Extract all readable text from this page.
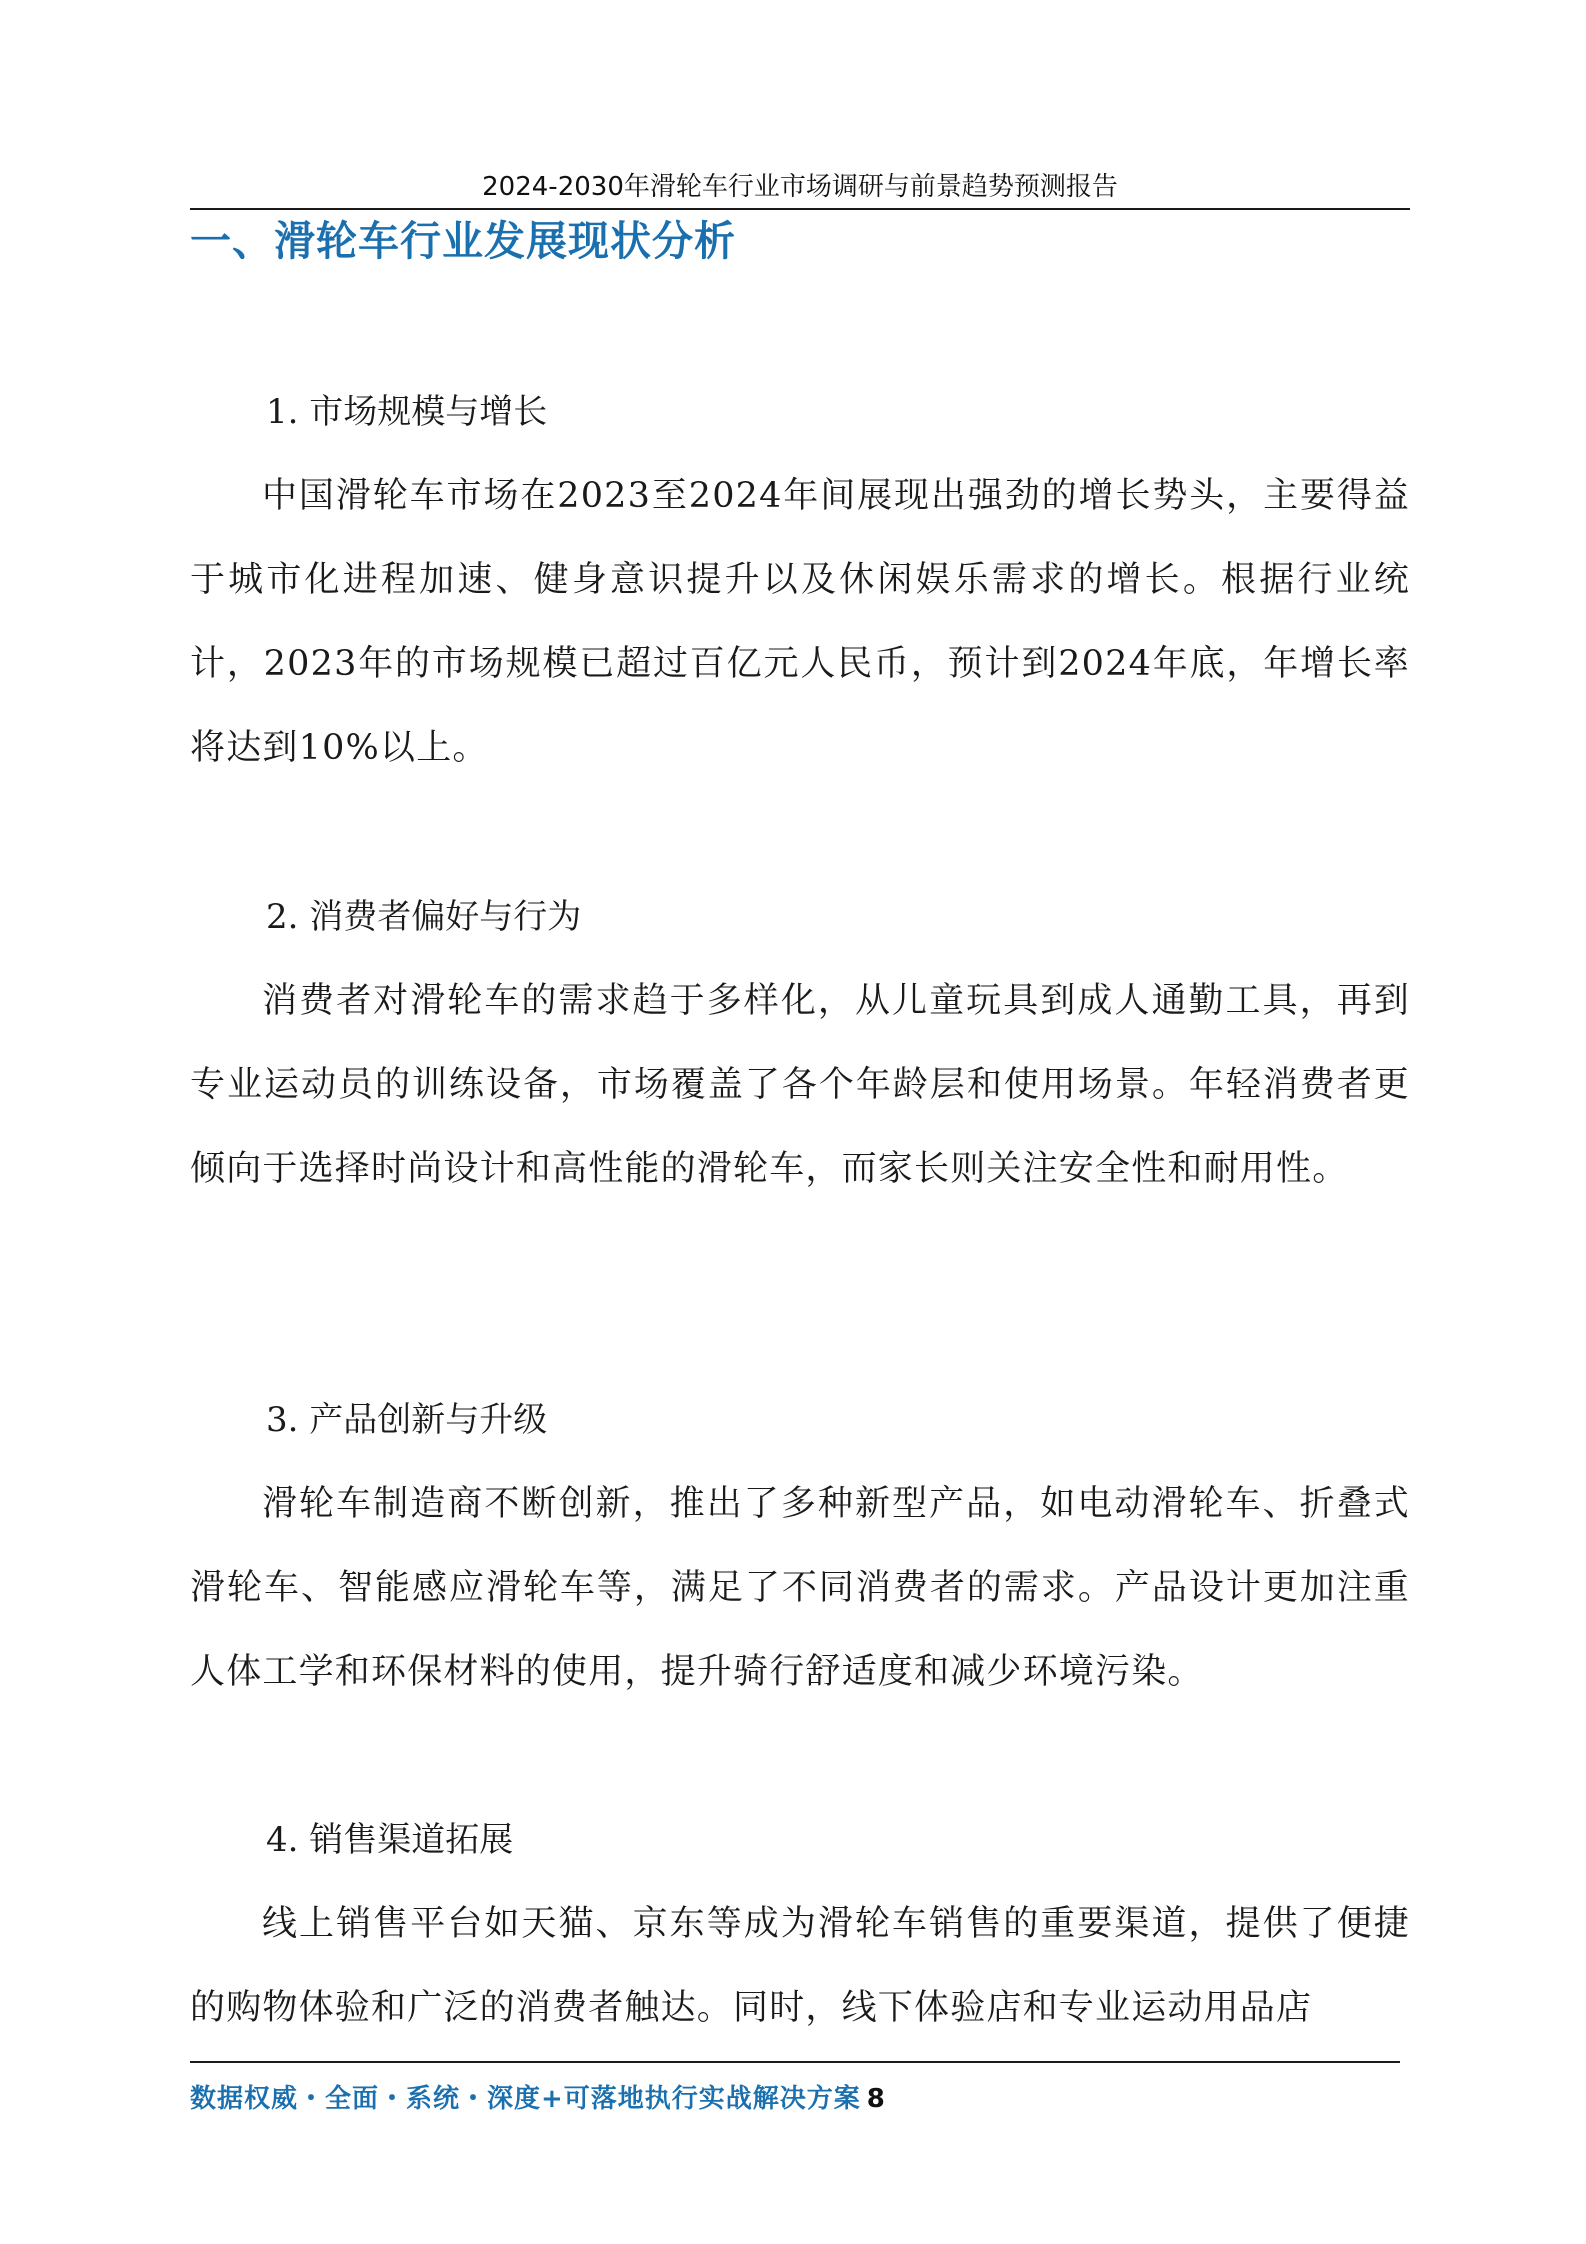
2024-2030年滑轮车行业市场调研与前景趋势预测报告
一、滑轮车行业发展现状分析
1. 市场规模与增长
中国滑轮车市场在2023至2024年间展现出强劲的增长势头，主要得益于城市化进程加速、健身意识提升以及休闲娱乐需求的增长。根据行业统计，2023年的市场规模已超过百亿元人民币，预计到2024年底，年增长率将达到10%以上。
2. 消费者偏好与行为
消费者对滑轮车的需求趋于多样化，从儿童玩具到成人通勤工具，再到专业运动员的训练设备，市场覆盖了各个年龄层和使用场景。年轻消费者更倾向于选择时尚设计和高性能的滑轮车，而家长则关注安全性和耐用性。
3. 产品创新与升级
滑轮车制造商不断创新，推出了多种新型产品，如电动滑轮车、折叠式滑轮车、智能感应滑轮车等，满足了不同消费者的需求。产品设计更加注重人体工学和环保材料的使用，提升骑行舒适度和减少环境污染。
4. 销售渠道拓展
线上销售平台如天猫、京东等成为滑轮车销售的重要渠道，提供了便捷的购物体验和广泛的消费者触达。同时，线下体验店和专业运动用品店
数据权威・全面・系统・深度+可落地执行实战解决方案 8
